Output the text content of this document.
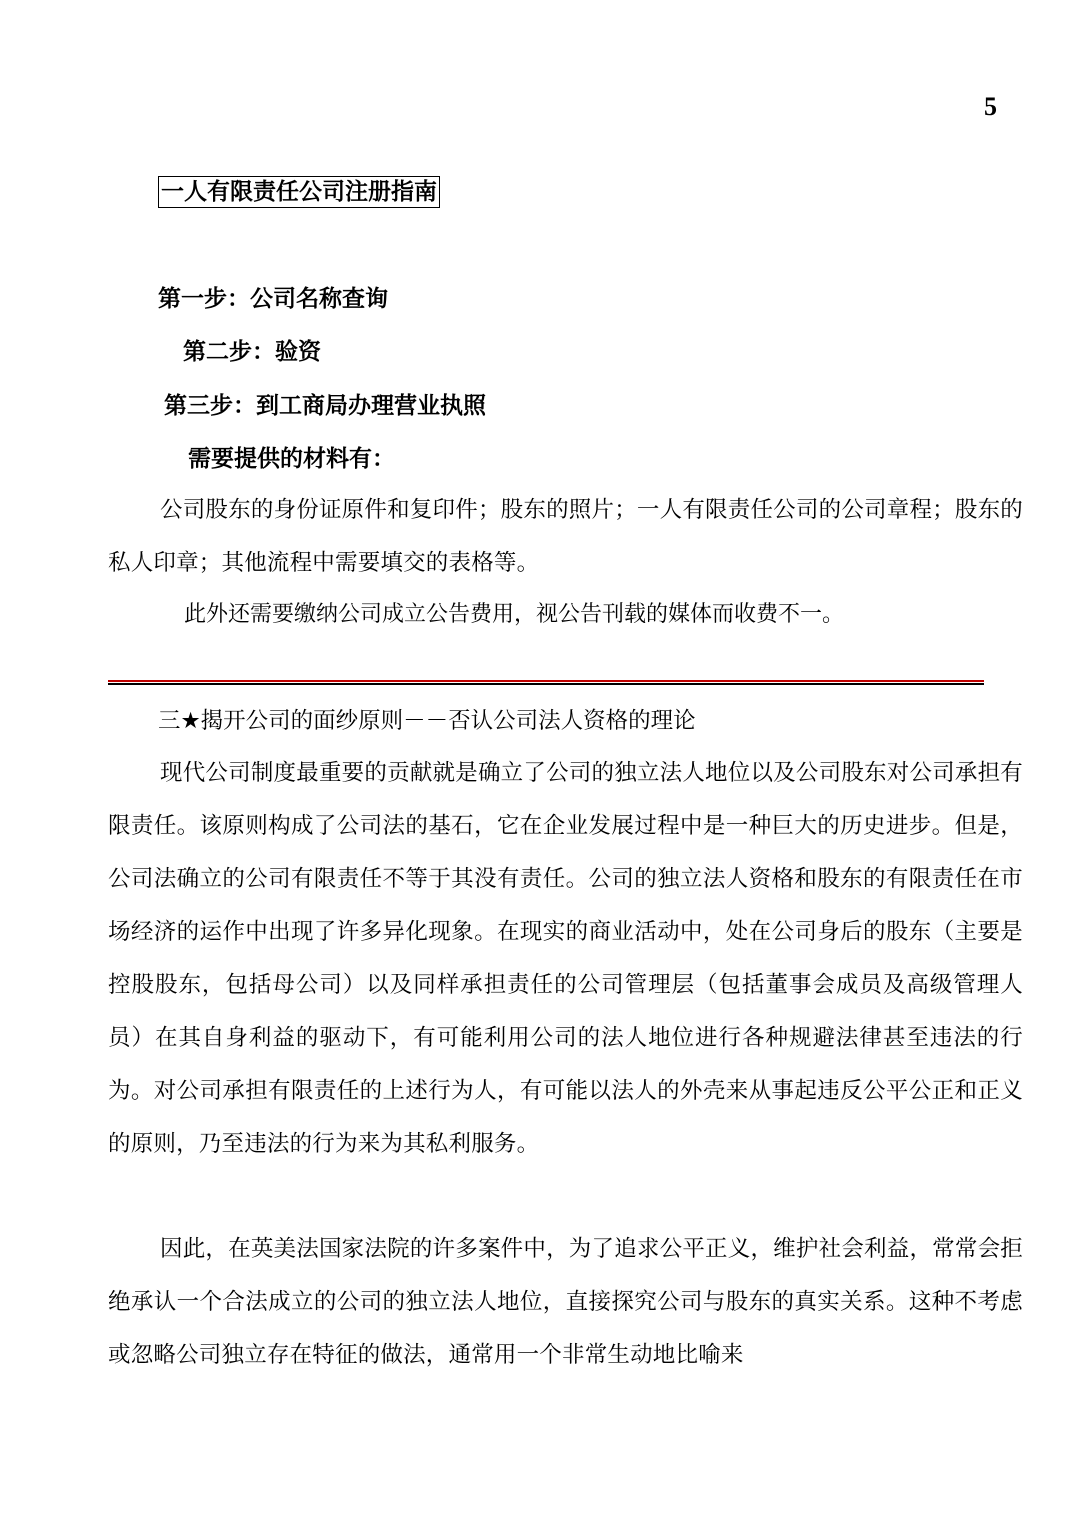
5
一人有限责任公司注册指南
第一步：公司名称查询
第二步：验资
第三步：到工商局办理营业执照
需要提供的材料有：
公司股东的身份证原件和复印件；股东的照片；一人有限责任公司的公司章程；股东的私人印章；其他流程中需要填交的表格等。
此外还需要缴纳公司成立公告费用，视公告刊载的媒体而收费不一。
三★揭开公司的面纱原则－－否认公司法人资格的理论
现代公司制度最重要的贡献就是确立了公司的独立法人地位以及公司股东对公司承担有限责任。该原则构成了公司法的基石，它在企业发展过程中是一种巨大的历史进步。但是，公司法确立的公司有限责任不等于其没有责任。公司的独立法人资格和股东的有限责任在市场经济的运作中出现了许多异化现象。在现实的商业活动中，处在公司身后的股东（主要是控股股东，包括母公司）以及同样承担责任的公司管理层（包括董事会成员及高级管理人员）在其自身利益的驱动下，有可能利用公司的法人地位进行各种规避法律甚至违法的行为。对公司承担有限责任的上述行为人，有可能以法人的外壳来从事起违反公平公正和正义的原则，乃至违法的行为来为其私利服务。
因此，在英美法国家法院的许多案件中，为了追求公平正义，维护社会利益，常常会拒绝承认一个合法成立的公司的独立法人地位，直接探究公司与股东的真实关系。这种不考虑或忽略公司独立存在特征的做法，通常用一个非常生动地比喻来
